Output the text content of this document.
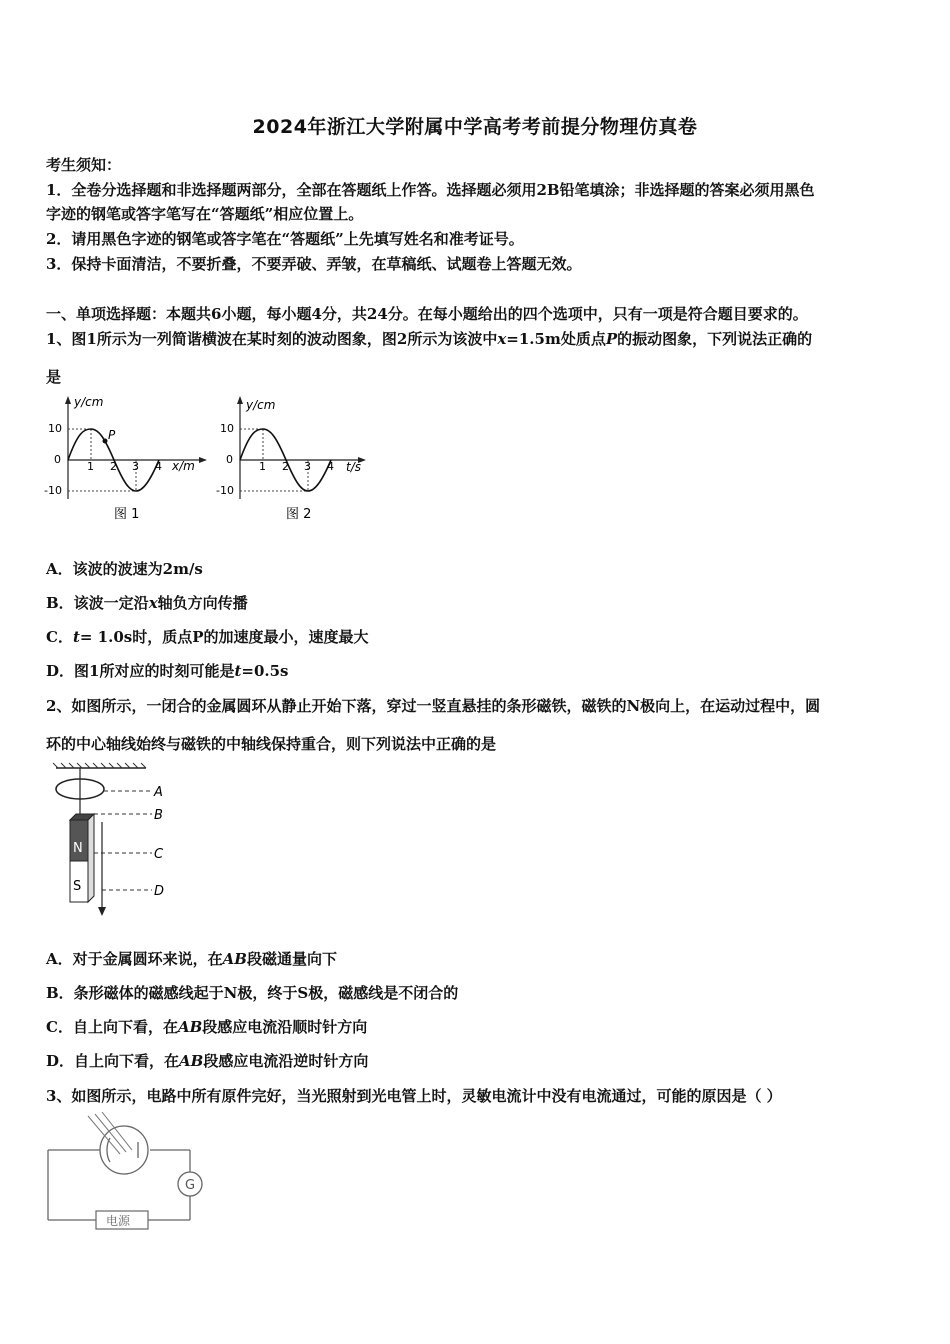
2024年浙江大学附属中学高考考前提分物理仿真卷
考生须知：
1．全卷分选择题和非选择题两部分，全部在答题纸上作答。选择题必须用2B铅笔填涂；非选择题的答案必须用黑色
字迹的钢笔或答字笔写在“答题纸”相应位置上。
2．请用黑色字迹的钢笔或答字笔在“答题纸”上先填写姓名和准考证号。
3．保持卡面清洁，不要折叠，不要弄破、弄皱，在草稿纸、试题卷上答题无效。
一、单项选择题：本题共6小题，每小题4分，共24分。在每小题给出的四个选项中，只有一项是符合题目要求的。
1、图1所示为一列简谐横波在某时刻的波动图象，图2所示为该波中x=1.5m处质点P的振动图象，下列说法正确的
是
P
y/cm
x/m
10
0
-10
1 2 3 4
图 1
y/cm
t/s
10
0
-10
1 2 3 4
图 2
A．该波的波速为2m/s
B．该波一定沿x轴负方向传播
C．t= 1.0s时，质点P的加速度最小，速度最大
D．图1所对应的时刻可能是t=0.5s
2、如图所示，一闭合的金属圆环从静止开始下落，穿过一竖直悬挂的条形磁铁，磁铁的N极向上，在运动过程中，圆
环的中心轴线始终与磁铁的中轴线保持重合，则下列说法中正确的是
A
B
N
S
C
D
A．对于金属圆环来说，在AB段磁通量向下
B．条形磁体的磁感线起于N极，终于S极，磁感线是不闭合的
C．自上向下看，在AB段感应电流沿顺时针方向
D．自上向下看，在AB段感应电流沿逆时针方向
3、如图所示，电路中所有原件完好，当光照射到光电管上时，灵敏电流计中没有电流通过，可能的原因是（ ）
G
电源
